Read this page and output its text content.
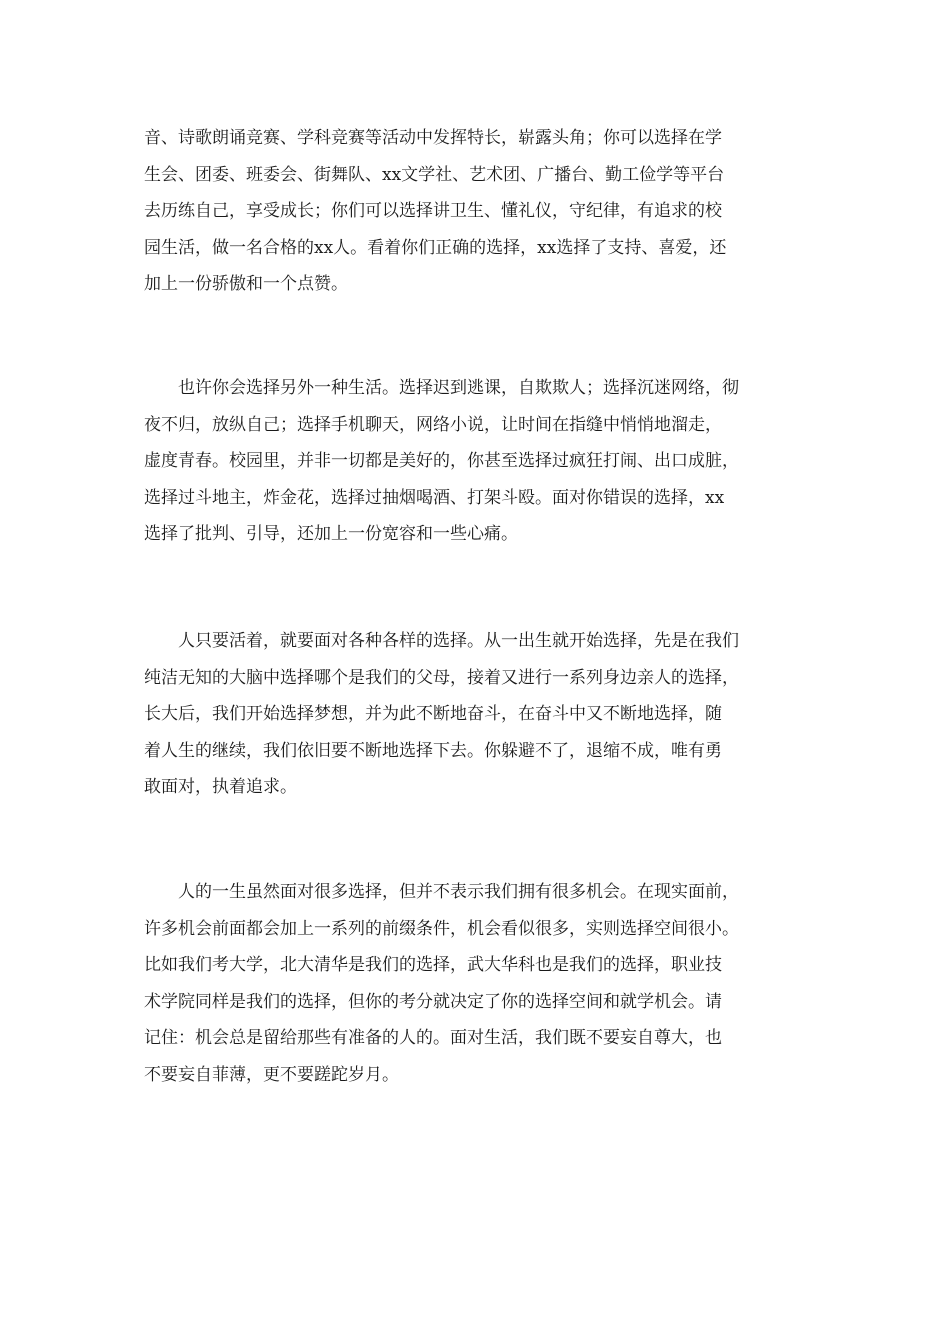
音、诗歌朗诵竞赛、学科竞赛等活动中发挥特长，崭露头角；你可以选择在学
生会、团委、班委会、街舞队、xx文学社、艺术团、广播台、勤工俭学等平台
去历练自己，享受成长；你们可以选择讲卫生、懂礼仪，守纪律，有追求的校
园生活，做一名合格的xx人。看着你们正确的选择，xx选择了支持、喜爱，还
加上一份骄傲和一个点赞。
　　也许你会选择另外一种生活。选择迟到逃课，自欺欺人；选择沉迷网络，彻
夜不归，放纵自己；选择手机聊天，网络小说，让时间在指缝中悄悄地溜走，
虚度青春。校园里，并非一切都是美好的，你甚至选择过疯狂打闹、出口成脏，
选择过斗地主，炸金花，选择过抽烟喝酒、打架斗殴。面对你错误的选择，xx
选择了批判、引导，还加上一份宽容和一些心痛。
　　人只要活着，就要面对各种各样的选择。从一出生就开始选择，先是在我们
纯洁无知的大脑中选择哪个是我们的父母，接着又进行一系列身边亲人的选择，
长大后，我们开始选择梦想，并为此不断地奋斗，在奋斗中又不断地选择，随
着人生的继续，我们依旧要不断地选择下去。你躲避不了，退缩不成，唯有勇
敢面对，执着追求。
　　人的一生虽然面对很多选择，但并不表示我们拥有很多机会。在现实面前，
许多机会前面都会加上一系列的前缀条件，机会看似很多，实则选择空间很小。
比如我们考大学，北大清华是我们的选择，武大华科也是我们的选择，职业技
术学院同样是我们的选择，但你的考分就决定了你的选择空间和就学机会。请
记住：机会总是留给那些有准备的人的。面对生活，我们既不要妄自尊大，也
不要妄自菲薄，更不要蹉跎岁月。
